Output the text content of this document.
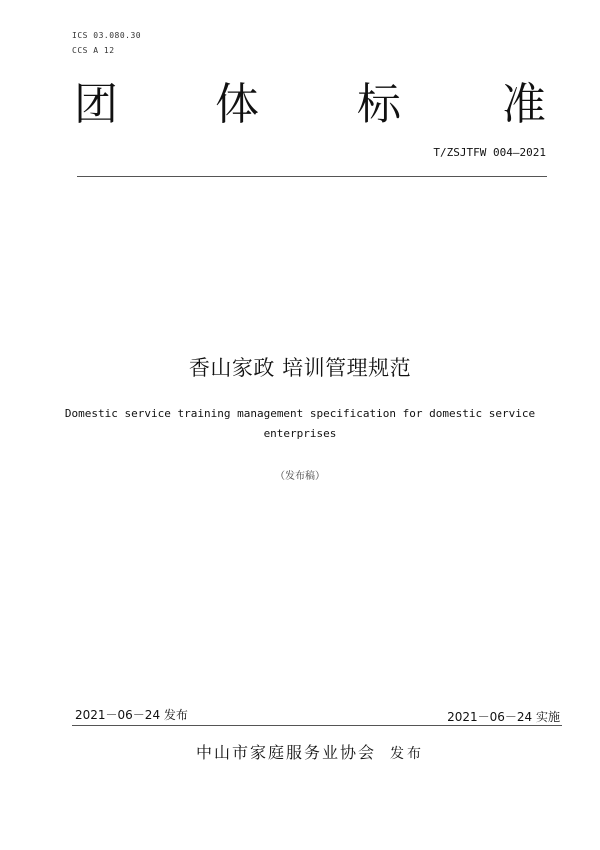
ICS 03.080.30
CCS A 12
团 体 标 准
T/ZSJTFW 004—2021
香山家政 培训管理规范
Domestic service training management specification for domestic service
enterprises
（发布稿）
2021－06－24 发布	2021－06－24 实施
中山市家庭服务业协会 发布
